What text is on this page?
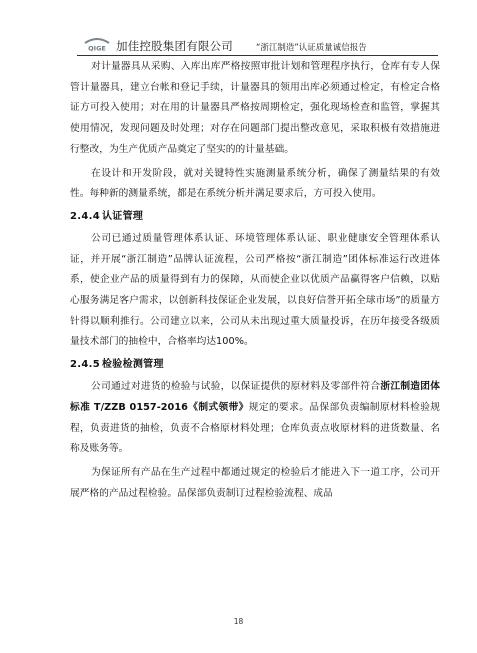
QIGE 加佳控股集团有限公司	“浙江制造”认证质量诚信报告

对计量器具从采购、入库出库严格按照审批计划和管理程序执行，仓库有专人保管计量器具，建立台帐和登记手续，计量器具的领用出库必须通过检定，有检定合格证方可投入使用；对在用的计量器具严格按周期检定，强化现场检查和监管，掌握其使用情况，发现问题及时处理；对存在问题部门提出整改意见，采取积极有效措施进行整改，为生产优质产品奠定了坚实的的计量基础。

在设计和开发阶段，就对关键特性实施测量系统分析，确保了测量结果的有效性。每种新的测量系统，都是在系统分析并满足要求后，方可投入使用。

2.4.4 认证管理

公司已通过质量管理体系认证、环境管理体系认证、职业健康安全管理体系认证，并开展“浙江制造”品牌认证流程，公司严格按“浙江制造”团体标准运行改进体系，使企业产品的质量得到有力的保障，从而使企业以优质产品赢得客户信赖，以贴心服务满足客户需求，以创新科技保证企业发展，以良好信誉开拓全球市场”的质量方针得以顺利推行。公司建立以来，公司从未出现过重大质量投诉，在历年接受各级质量技术部门的抽检中，合格率均达100%。

2.4.5 检验检测管理

公司通过对进货的检验与试验，以保证提供的原材料及零部件符合浙江制造团体标准 T/ZZB 0157-2016《制式领带》规定的要求。品保部负责编制原材料检验规程，负责进货的抽检，负责不合格原材料处理；仓库负责点收原材料的进货数量、名称及账务等。

为保证所有产品在生产过程中都通过规定的检验后才能进入下一道工序，公司开展严格的产品过程检验。品保部负责制订过程检验流程、成品

18
